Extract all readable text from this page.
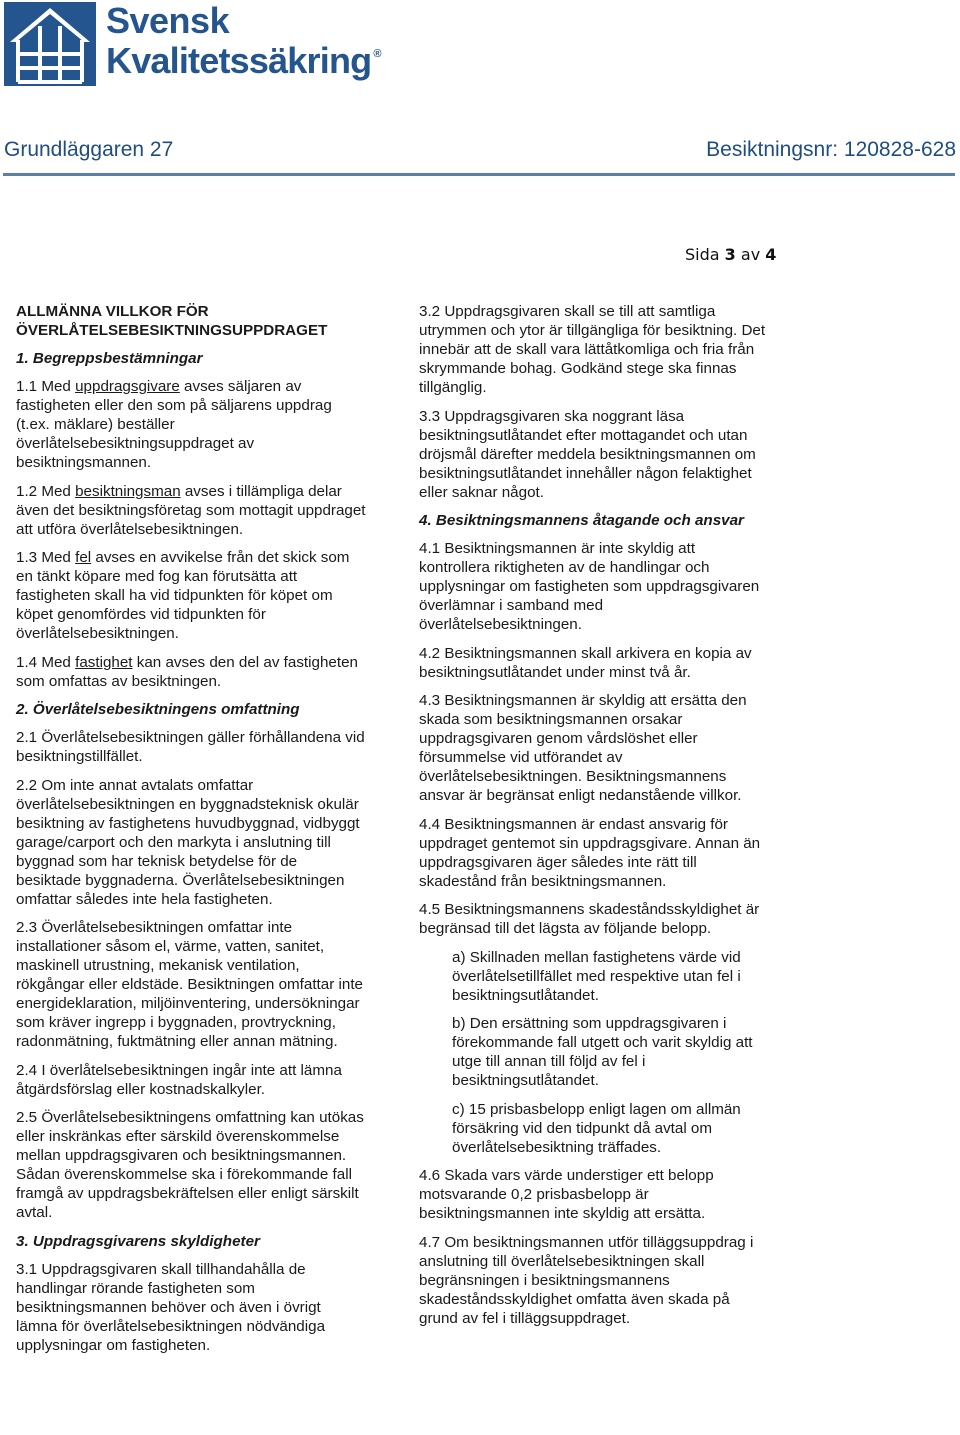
Svensk
Kvalitetssäkring ®
Grundläggaren 27	Besiktningsnr: 120828-628
Sida 3 av 4
ALLMÄNNA VILLKOR FÖR
ÖVERLÅTELSEBESIKTNINGSUPPDRAGET
1. Begreppsbestämningar

1.1 Med uppdragsgivare avses säljaren av fastigheten eller den som på säljarens uppdrag (t.ex. mäklare) beställer överlåtelsebesiktningsuppdraget av besiktningsmannen.

1.2 Med besiktningsman avses i tillämpliga delar även det besiktningsföretag som mottagit uppdraget att utföra överlåtelsebesiktningen.

1.3 Med fel avses en avvikelse från det skick som en tänkt köpare med fog kan förutsätta att fastigheten skall ha vid tidpunkten för köpet om köpet genomfördes vid tidpunkten för överlåtelsebesiktningen.

1.4 Med fastighet kan avses den del av fastigheten som omfattas av besiktningen.

2. Överlåtelsebesiktningens omfattning

2.1 Överlåtelsebesiktningen gäller förhållandena vid besiktningstillfället.

2.2 Om inte annat avtalats omfattar överlåtelsebesiktningen en byggnadsteknisk okulär besiktning av fastighetens huvudbyggnad, vidbyggt garage/carport och den markyta i anslutning till byggnad som har teknisk betydelse för de besiktade byggnaderna. Överlåtelsebesiktningen omfattar således inte hela fastigheten.

2.3 Överlåtelsebesiktningen omfattar inte installationer såsom el, värme, vatten, sanitet, maskinell utrustning, mekanisk ventilation, rökgångar eller eldstäde. Besiktningen omfattar inte energideklaration, miljöinventering, undersökningar som kräver ingrepp i byggnaden, provtryckning, radonmätning, fuktmätning eller annan mätning.

2.4 I överlåtelsebesiktningen ingår inte att lämna åtgärdsförslag eller kostnadskalkyler.

2.5 Överlåtelsebesiktningens omfattning kan utökas eller inskränkas efter särskild överenskommelse mellan uppdragsgivaren och besiktningsmannen. Sådan överenskommelse ska i förekommande fall framgå av uppdragsbekräftelsen eller enligt särskilt avtal.

3. Uppdragsgivarens skyldigheter

3.1 Uppdragsgivaren skall tillhandahålla de handlingar rörande fastigheten som besiktningsmannen behöver och även i övrigt lämna för överlåtelsebesiktningen nödvändiga upplysningar om fastigheten.

3.2 Uppdragsgivaren skall se till att samtliga utrymmen och ytor är tillgängliga för besiktning. Det innebär att de skall vara lättåtkomliga och fria från skrymmande bohag. Godkänd stege ska finnas tillgänglig.

3.3 Uppdragsgivaren ska noggrant läsa besiktningsutlåtandet efter mottagandet och utan dröjsmål därefter meddela besiktningsmannen om besiktningsutlåtandet innehåller någon felaktighet eller saknar något.

4. Besiktningsmannens åtagande och ansvar

4.1 Besiktningsmannen är inte skyldig att kontrollera riktigheten av de handlingar och upplysningar om fastigheten som uppdragsgivaren överlämnar i samband med överlåtelsebesiktningen.

4.2 Besiktningsmannen skall arkivera en kopia av besiktningsutlåtandet under minst två år.

4.3 Besiktningsmannen är skyldig att ersätta den skada som besiktningsmannen orsakar uppdragsgivaren genom vårdslöshet eller försummelse vid utförandet av överlåtelsebesiktningen. Besiktningsmannens ansvar är begränsat enligt nedanstående villkor.

4.4 Besiktningsmannen är endast ansvarig för uppdraget gentemot sin uppdragsgivare. Annan än uppdragsgivaren äger således inte rätt till skadestånd från besiktningsmannen.

4.5 Besiktningsmannens skadeståndsskyldighet är begränsad till det lägsta av följande belopp.

a) Skillnaden mellan fastighetens värde vid överlåtelsetillfället med respektive utan fel i besiktningsutlåtandet.

b) Den ersättning som uppdragsgivaren i förekommande fall utgett och varit skyldig att utge till annan till följd av fel i besiktningsutlåtandet.

c) 15 prisbasbelopp enligt lagen om allmän försäkring vid den tidpunkt då avtal om överlåtelsebesiktning träffades.

4.6 Skada vars värde understiger ett belopp motsvarande 0,2 prisbasbelopp är besiktningsmannen inte skyldig att ersätta.

4.7 Om besiktningsmannen utför tilläggsuppdrag i anslutning till överlåtelsebesiktningen skall begränsningen i besiktningsmannens skadeståndsskyldighet omfatta även skada på grund av fel i tilläggsuppdraget.
